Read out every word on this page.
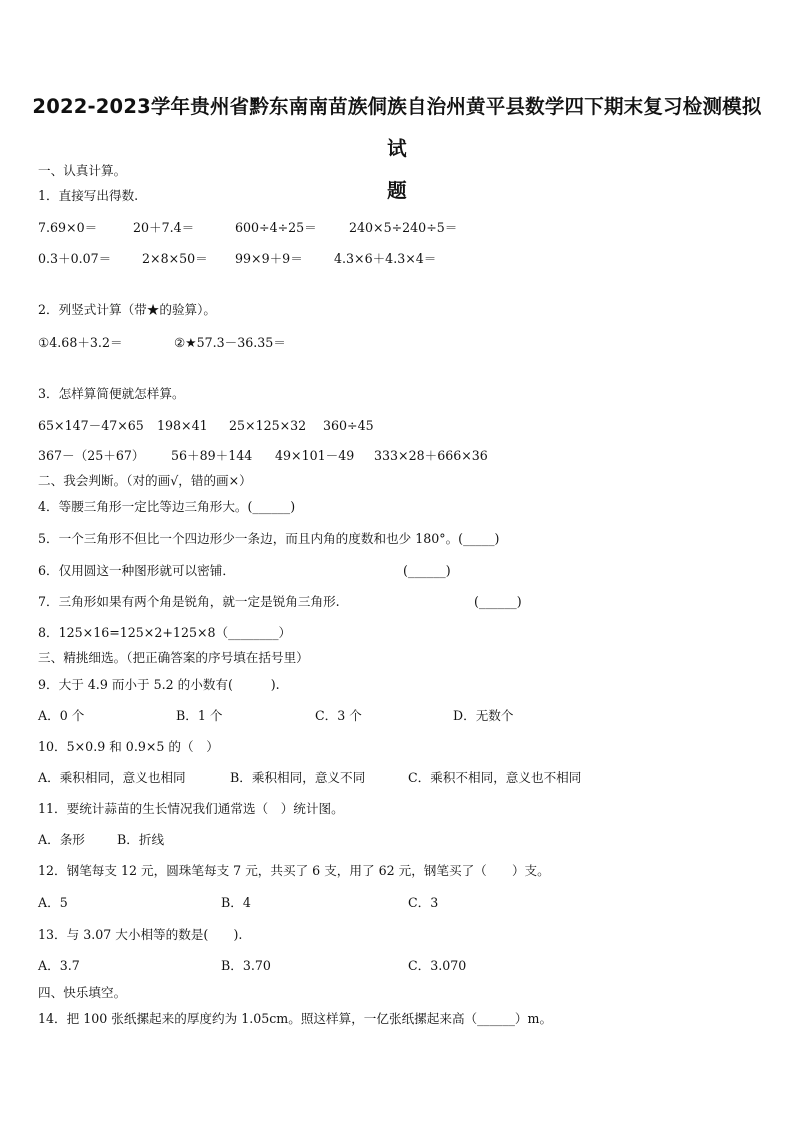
2022-2023学年贵州省黔东南南苗族侗族自治州黄平县数学四下期末复习检测模拟试
题
一、认真计算。
1．直接写出得数.
7.69×0＝	20＋7.4＝	600÷4÷25＝	240×5÷240÷5＝
0.3＋0.07＝ 2×8×50＝ 99×9＋9＝ 4.3×6＋4.3×4＝
2．列竖式计算（带★的验算）。
①4.68＋3.2＝	②★57.3－36.35＝
3．怎样算简便就怎样算。
65×147－47×65 198×41 25×125×32 360÷45
367－（25＋67） 56＋89＋144 49×101－49 333×28＋666×36
二、我会判断。（对的画√，错的画×）
4．等腰三角形一定比等边三角形大。(______)
5．一个三角形不但比一个四边形少一条边，而且内角的度数和也少 180°。(_____)
6．仅用圆这一种图形就可以密铺．	(______)
7．三角形如果有两个角是锐角，就一定是锐角三角形.	(______)
8．125×16=125×2+125×8（________）
三、精挑细选。（把正确答案的序号填在括号里）
9．大于 4.9 而小于 5.2 的小数有(　　　).
A．0 个	B．1 个	C．3 个	D．无数个
10．5×0.9 和 0.9×5 的（　）
A．乘积相同，意义也相同	B．乘积相同，意义不同	C．乘积不相同，意义也不相同
11．要统计蒜苗的生长情况我们通常选（　）统计图。
A．条形	B．折线
12．钢笔每支 12 元，圆珠笔每支 7 元，共买了 6 支，用了 62 元，钢笔买了（　　）支。
A．5	B．4	C．3
13．与 3.07 大小相等的数是(　　).
A．3.7	B．3.70	C．3.070
四、快乐填空。
14．把 100 张纸摞起来的厚度约为 1.05cm。照这样算，一亿张纸摞起来高（______）m。
